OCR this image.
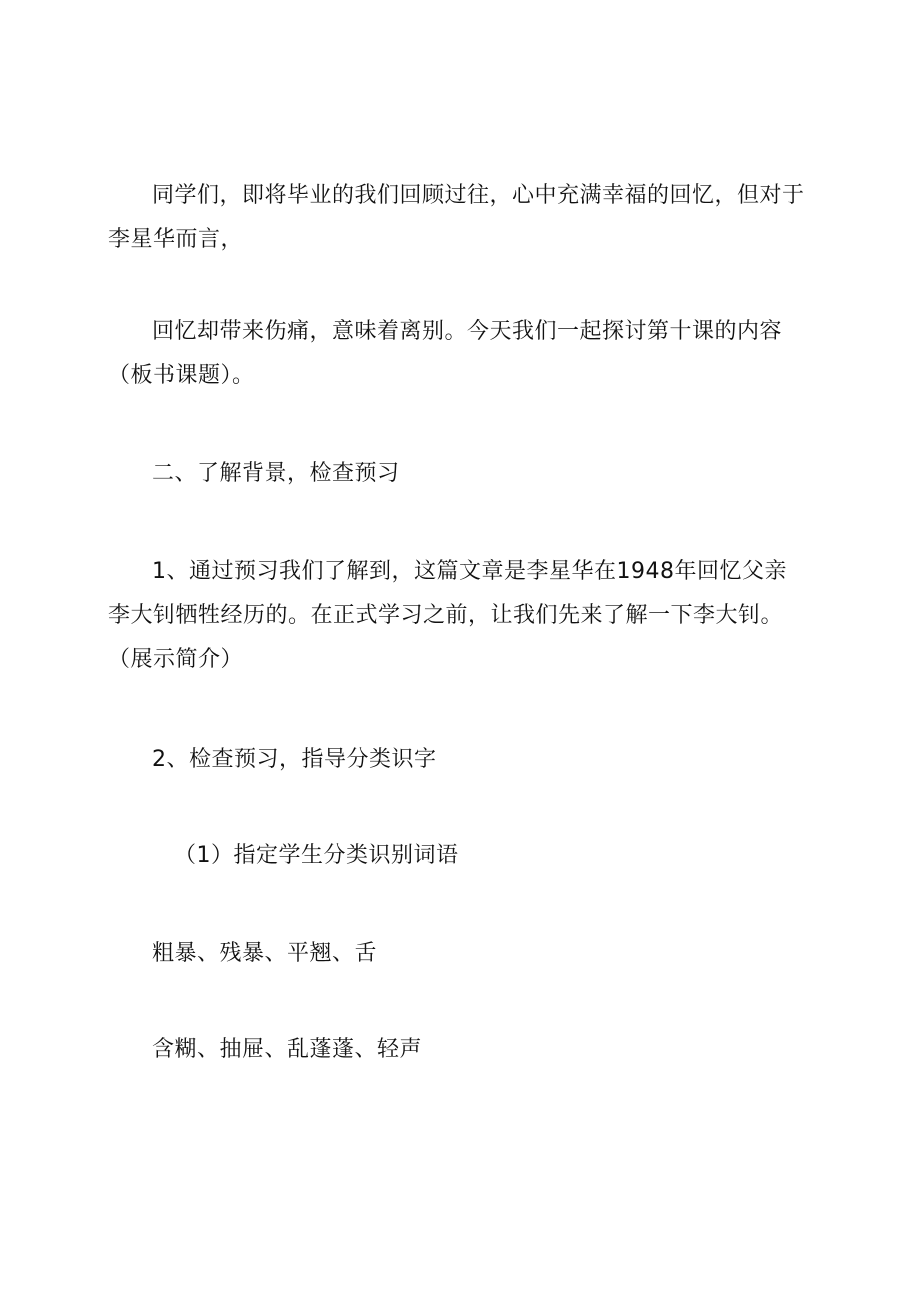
同学们，即将毕业的我们回顾过往，心中充满幸福的回忆，但对于李星华而言，

回忆却带来伤痛，意味着离别。今天我们一起探讨第十课的内容（板书课题）。

二、了解背景，检查预习

1、通过预习我们了解到，这篇文章是李星华在1948年回忆父亲李大钊牺牲经历的。在正式学习之前，让我们先来了解一下李大钊。（展示简介）

2、检查预习，指导分类识字

（1）指定学生分类识别词语

粗暴、残暴、平翘、舌

含糊、抽屉、乱蓬蓬、轻声
